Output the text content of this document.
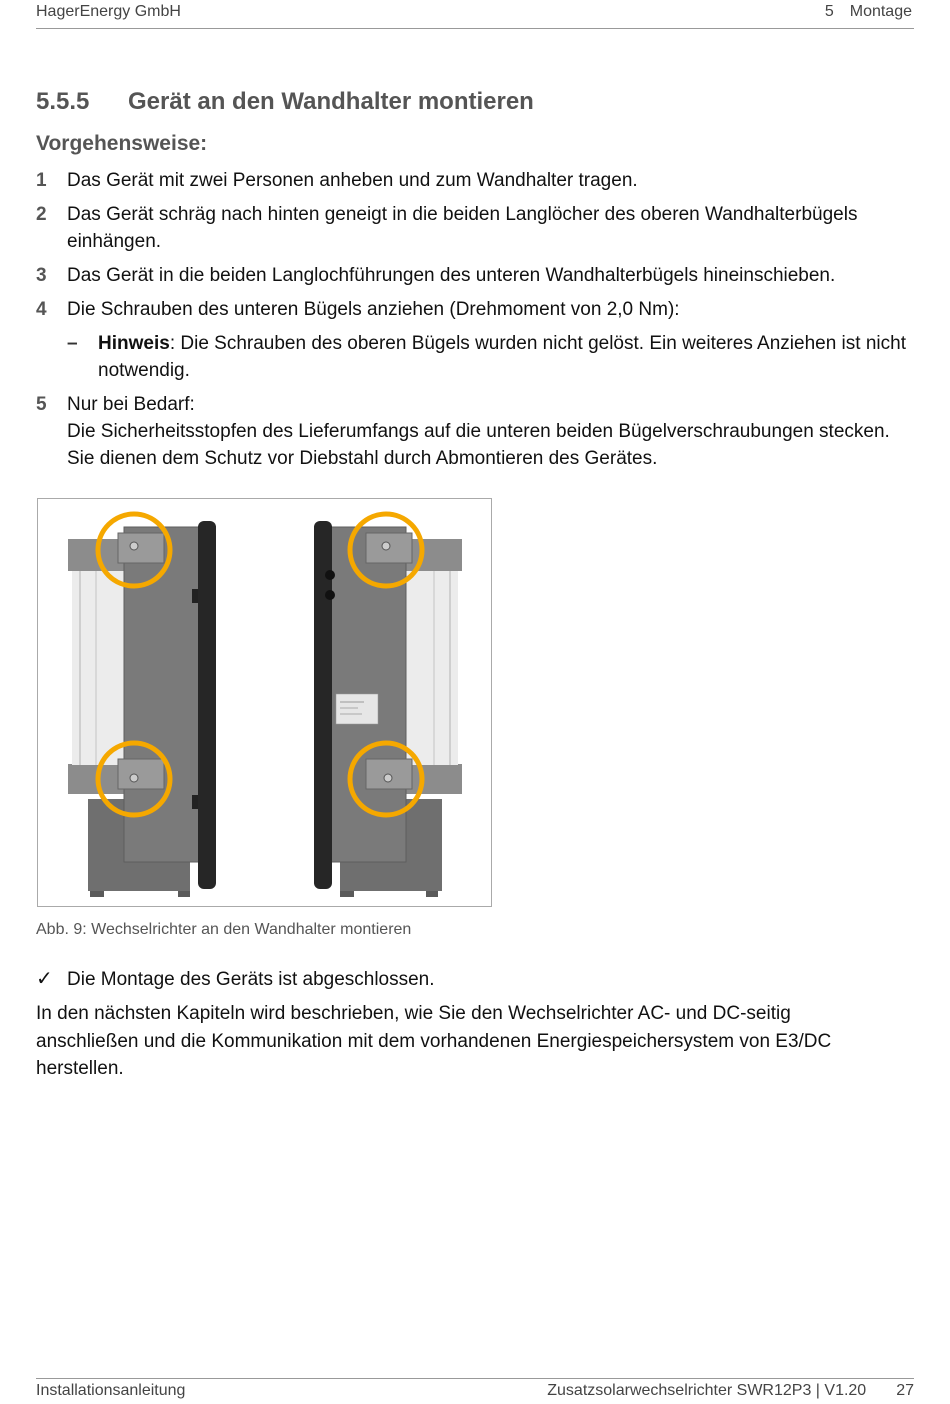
HagerEnergy GmbH	5 Montage
5.5.5 Gerät an den Wandhalter montieren
Vorgehensweise:
1 Das Gerät mit zwei Personen anheben und zum Wandhalter tragen.
2 Das Gerät schräg nach hinten geneigt in die beiden Langlöcher des oberen Wandhalterbügels einhängen.
3 Das Gerät in die beiden Langlochführungen des unteren Wandhalterbügels hineinschieben.
4 Die Schrauben des unteren Bügels anziehen (Drehmoment von 2,0 Nm):
– Hinweis: Die Schrauben des oberen Bügels wurden nicht gelöst. Ein weiteres Anziehen ist nicht notwendig.
5 Nur bei Bedarf:
Die Sicherheitsstopfen des Lieferumfangs auf die unteren beiden Bügelverschraubungen stecken. Sie dienen dem Schutz vor Diebstahl durch Abmontieren des Gerätes.
Abb. 9: Wechselrichter an den Wandhalter montieren
✓ Die Montage des Geräts ist abgeschlossen.
In den nächsten Kapiteln wird beschrieben, wie Sie den Wechselrichter AC- und DC-seitig anschließen und die Kommunikation mit dem vorhandenen Energiespeichersystem von E3/DC herstellen.
Installationsanleitung	Zusatzsolarwechselrichter SWR12P3 | V1.20 27
